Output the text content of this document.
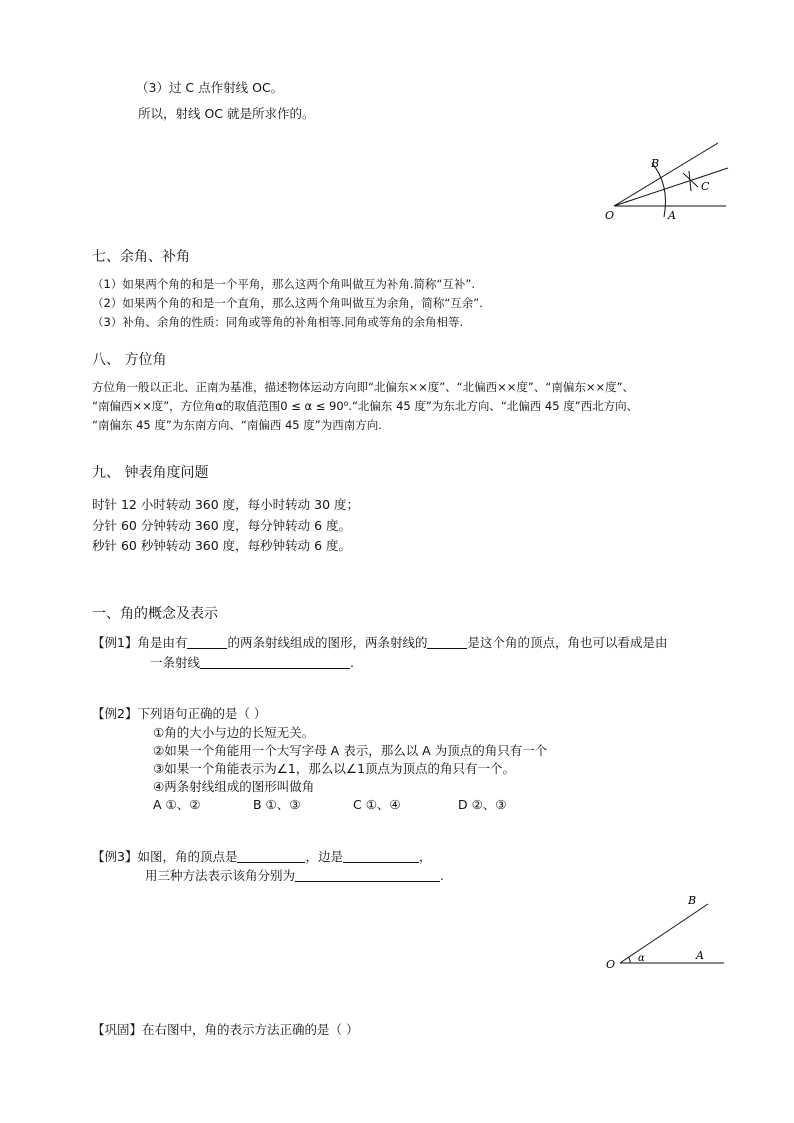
（3）过 C 点作射线 OC。
所以，射线 OC 就是所求作的。
O	A
B
C
七、余角、补角
（1）如果两个角的和是一个平角，那么这两个角叫做互为补角.简称“互补”.
（2）如果两个角的和是一个直角，那么这两个角叫做互为余角，简称“互余”.
（3）补角、余角的性质：同角或等角的补角相等.同角或等角的余角相等.
八、 方位角
方位角一般以正北、正南为基准，描述物体运动方向即“北偏东××度”、“北偏西××度”、“南偏东××度”、
“南偏西××度”，方位角α的取值范围0 ≤ α ≤ 90⁰.“北偏东 45 度”为东北方向、“北偏西 45 度”西北方向、
“南偏东 45 度”为东南方向、“南偏西 45 度”为西南方向.
九、 钟表角度问题
时针 12 小时转动 360 度，每小时转动 30 度；
分针 60 分钟转动 360 度，每分钟转动 6 度。
秒针 60 秒钟转动 360 度，每秒钟转动 6 度。
一、角的概念及表示
【例1】角是由有	的两条射线组成的图形，两条射线的	是这个角的顶点，角也可以看成是由
一条射线	.
【例2】下列语句正确的是（ ）
①角的大小与边的长短无关。
②如果一个角能用一个大写字母 A 表示，那么以 A 为顶点的角只有一个
③如果一个角能表示为∠1，那么以∠1顶点为顶点的角只有一个。
④两条射线组成的图形叫做角
A ①、②	B ①、③	C ①、④	D ②、③
【例3】如图，角的顶点是	，边是	，
用三种方法表示该角分别为	.
O
A
B
α
【巩固】在右图中，角的表示方法正确的是（ ）
